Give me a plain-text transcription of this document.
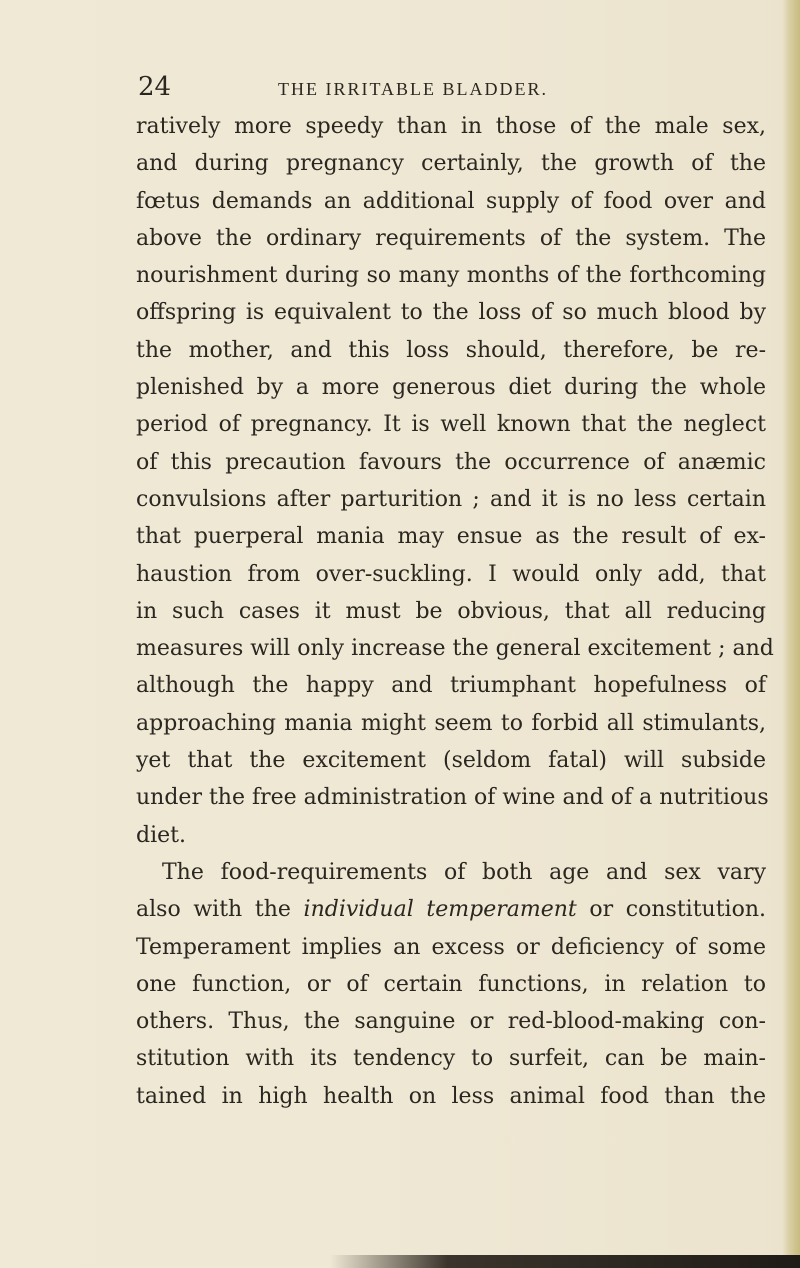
24	THE IRRITABLE BLADDER.
ratively more speedy than in those of the male sex,
and during pregnancy certainly, the growth of the
fœtus demands an additional supply of food over and
above the ordinary requirements of the system. The
nourishment during so many months of the forthcoming
offspring is equivalent to the loss of so much blood by
the mother, and this loss should, therefore, be re-
plenished by a more generous diet during the whole
period of pregnancy. It is well known that the neglect
of this precaution favours the occurrence of anæmic
convulsions after parturition ; and it is no less certain
that puerperal mania may ensue as the result of ex-
haustion from over-suckling. I would only add, that
in such cases it must be obvious, that all reducing
measures will only increase the general excitement ; and
although the happy and triumphant hopefulness of
approaching mania might seem to forbid all stimulants,
yet that the excitement (seldom fatal) will subside
under the free administration of wine and of a nutritious
diet.
The food-requirements of both age and sex vary
also with the individual temperament or constitution.
Temperament implies an excess or deficiency of some
one function, or of certain functions, in relation to
others. Thus, the sanguine or red-blood-making con-
stitution with its tendency to surfeit, can be main-
tained in high health on less animal food than the
